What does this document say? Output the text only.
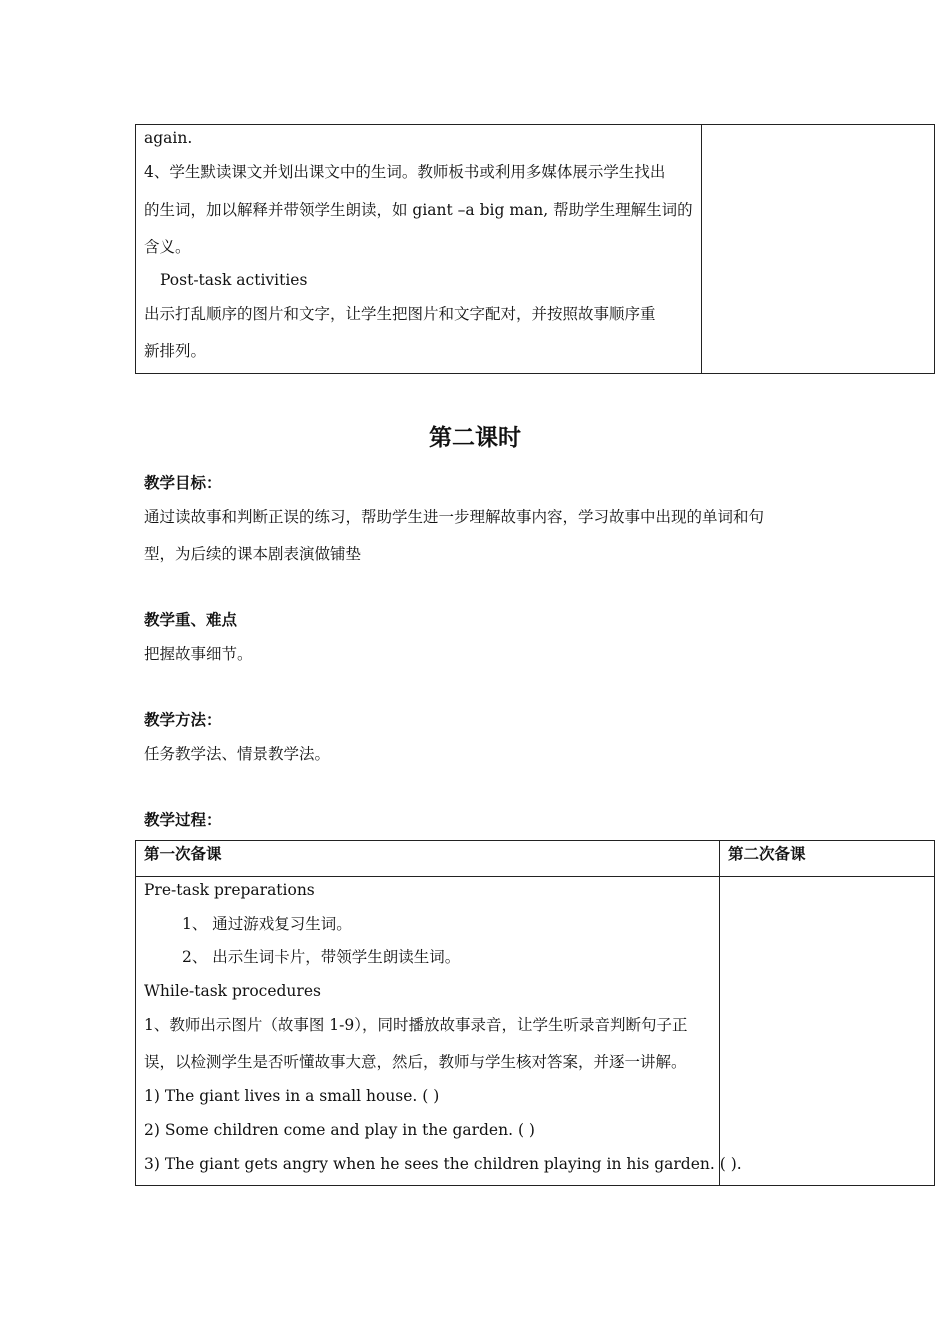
again.
4、学生默读课文并划出课文中的生词。教师板书或利用多媒体展示学生找出
的生词，加以解释并带领学生朗读，如 giant –a big man, 帮助学生理解生词的
含义。
Post-task activities
出示打乱顺序的图片和文字，让学生把图片和文字配对，并按照故事顺序重
新排列。
第二课时
教学目标：
通过读故事和判断正误的练习，帮助学生进一步理解故事内容，学习故事中出现的单词和句
型，为后续的课本剧表演做铺垫
教学重、难点
把握故事细节。
教学方法：
任务教学法、情景教学法。
教学过程：

第一次备课	第二次备课
Pre-task preparations
1、 通过游戏复习生词。
2、 出示生词卡片，带领学生朗读生词。
While-task procedures
1、教师出示图片（故事图 1-9），同时播放故事录音，让学生听录音判断句子正
误，以检测学生是否听懂故事大意，然后，教师与学生核对答案，并逐一讲解。
1) The giant lives in a small house. ( )
2) Some children come and play in the garden. ( )
3) The giant gets angry when he sees the children playing in his garden. ( ).
